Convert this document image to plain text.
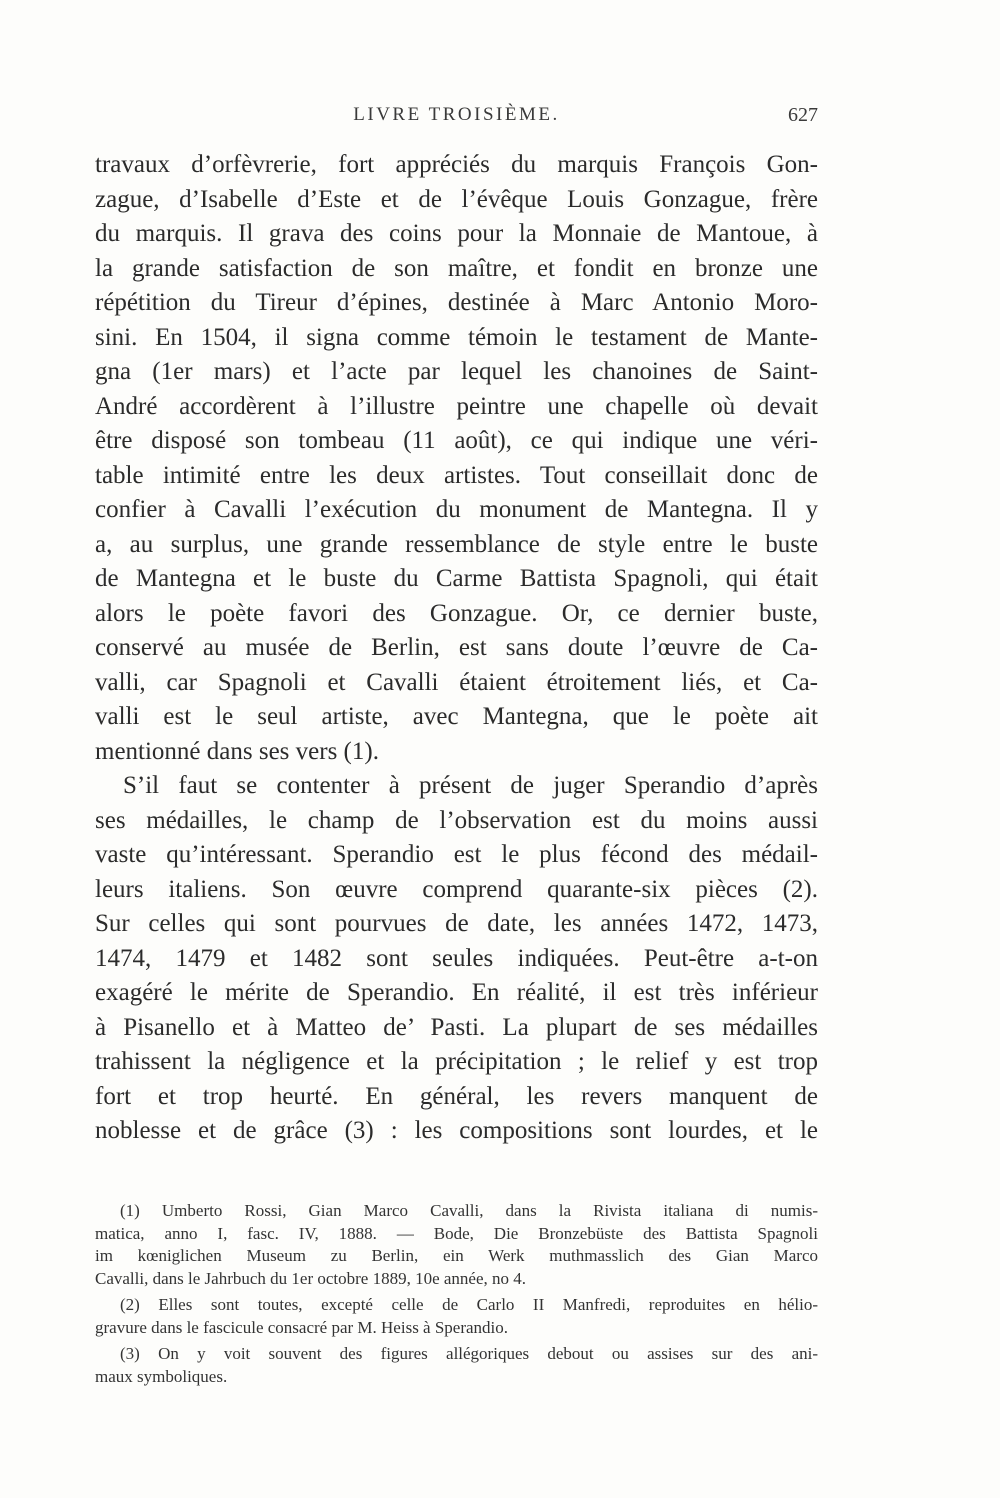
LIVRE TROISIÈME.	627
travaux d’orfèvrerie, fort appréciés du marquis François Gon-
zague, d’Isabelle d’Este et de l’évêque Louis Gonzague, frère
du marquis. Il grava des coins pour la Monnaie de Mantoue, à
la grande satisfaction de son maître, et fondit en bronze une
répétition du Tireur d’épines, destinée à Marc Antonio Moro-
sini. En 1504, il signa comme témoin le testament de Mante-
gna (1er mars) et l’acte par lequel les chanoines de Saint-
André accordèrent à l’illustre peintre une chapelle où devait
être disposé son tombeau (11 août), ce qui indique une véri-
table intimité entre les deux artistes. Tout conseillait donc de
confier à Cavalli l’exécution du monument de Mantegna. Il y
a, au surplus, une grande ressemblance de style entre le buste
de Mantegna et le buste du Carme Battista Spagnoli, qui était
alors le poète favori des Gonzague. Or, ce dernier buste,
conservé au musée de Berlin, est sans doute l’œuvre de Ca-
valli, car Spagnoli et Cavalli étaient étroitement liés, et Ca-
valli est le seul artiste, avec Mantegna, que le poète ait
mentionné dans ses vers (1).
S’il faut se contenter à présent de juger Sperandio d’après
ses médailles, le champ de l’observation est du moins aussi
vaste qu’intéressant. Sperandio est le plus fécond des médail-
leurs italiens. Son œuvre comprend quarante-six pièces (2).
Sur celles qui sont pourvues de date, les années 1472, 1473,
1474, 1479 et 1482 sont seules indiquées. Peut-être a-t-on
exagéré le mérite de Sperandio. En réalité, il est très inférieur
à Pisanello et à Matteo de’ Pasti. La plupart de ses médailles
trahissent la négligence et la précipitation ; le relief y est trop
fort et trop heurté. En général, les revers manquent de
noblesse et de grâce (3) : les compositions sont lourdes, et le
(1) Umberto Rossi, Gian Marco Cavalli, dans la Rivista italiana di numis-
matica, anno I, fasc. IV, 1888. — Bode, Die Bronzebüste des Battista Spagnoli
im kœniglichen Museum zu Berlin, ein Werk muthmasslich des Gian Marco
Cavalli, dans le Jahrbuch du 1er octobre 1889, 10e année, no 4.
(2) Elles sont toutes, excepté celle de Carlo II Manfredi, reproduites en hélio-
gravure dans le fascicule consacré par M. Heiss à Sperandio.
(3) On y voit souvent des figures allégoriques debout ou assises sur des ani-
maux symboliques.
